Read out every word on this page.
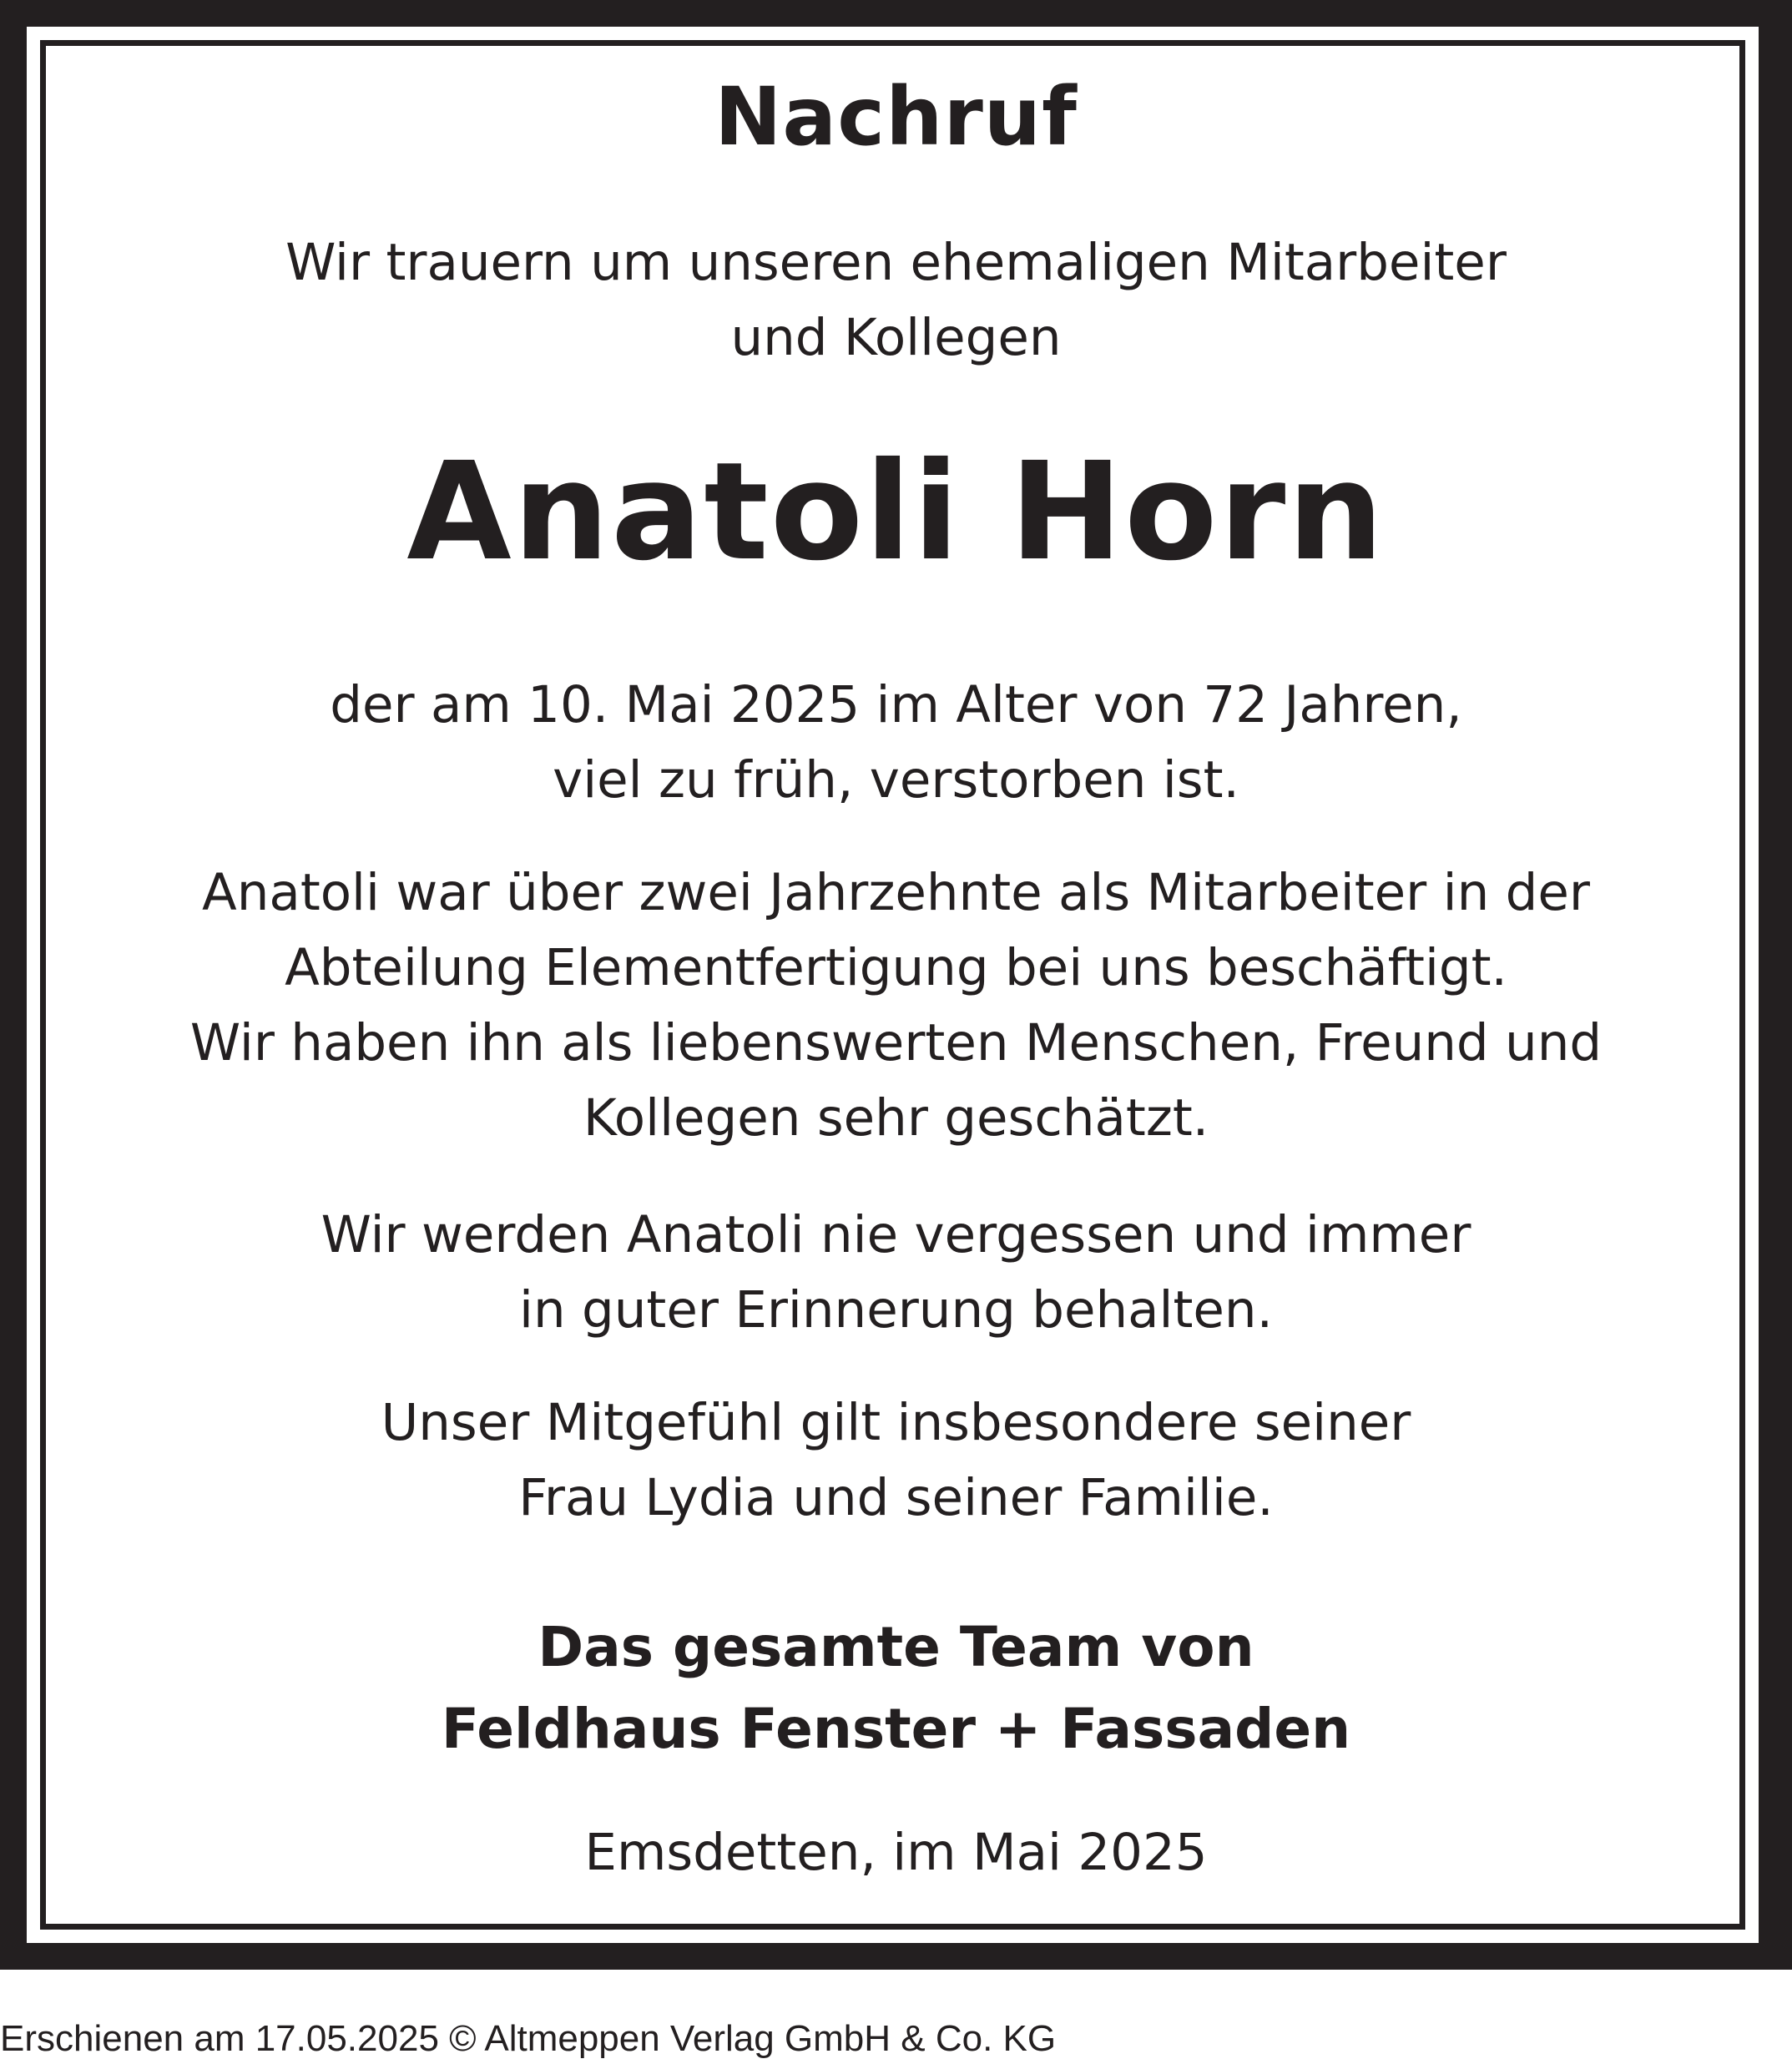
Nachruf
Wir trauern um unseren ehemaligen Mitarbeiter
und Kollegen
Anatoli Horn
der am 10. Mai 2025 im Alter von 72 Jahren,
viel zu früh, verstorben ist.
Anatoli war über zwei Jahrzehnte als Mitarbeiter in der
Abteilung Elementfertigung bei uns beschäftigt.
Wir haben ihn als liebenswerten Menschen, Freund und
Kollegen sehr geschätzt.
Wir werden Anatoli nie vergessen und immer
in guter Erinnerung behalten.
Unser Mitgefühl gilt insbesondere seiner
Frau Lydia und seiner Familie.
Das gesamte Team von
Feldhaus Fenster + Fassaden
Emsdetten, im Mai 2025
Erschienen am 17.05.2025 © Altmeppen Verlag GmbH & Co. KG
